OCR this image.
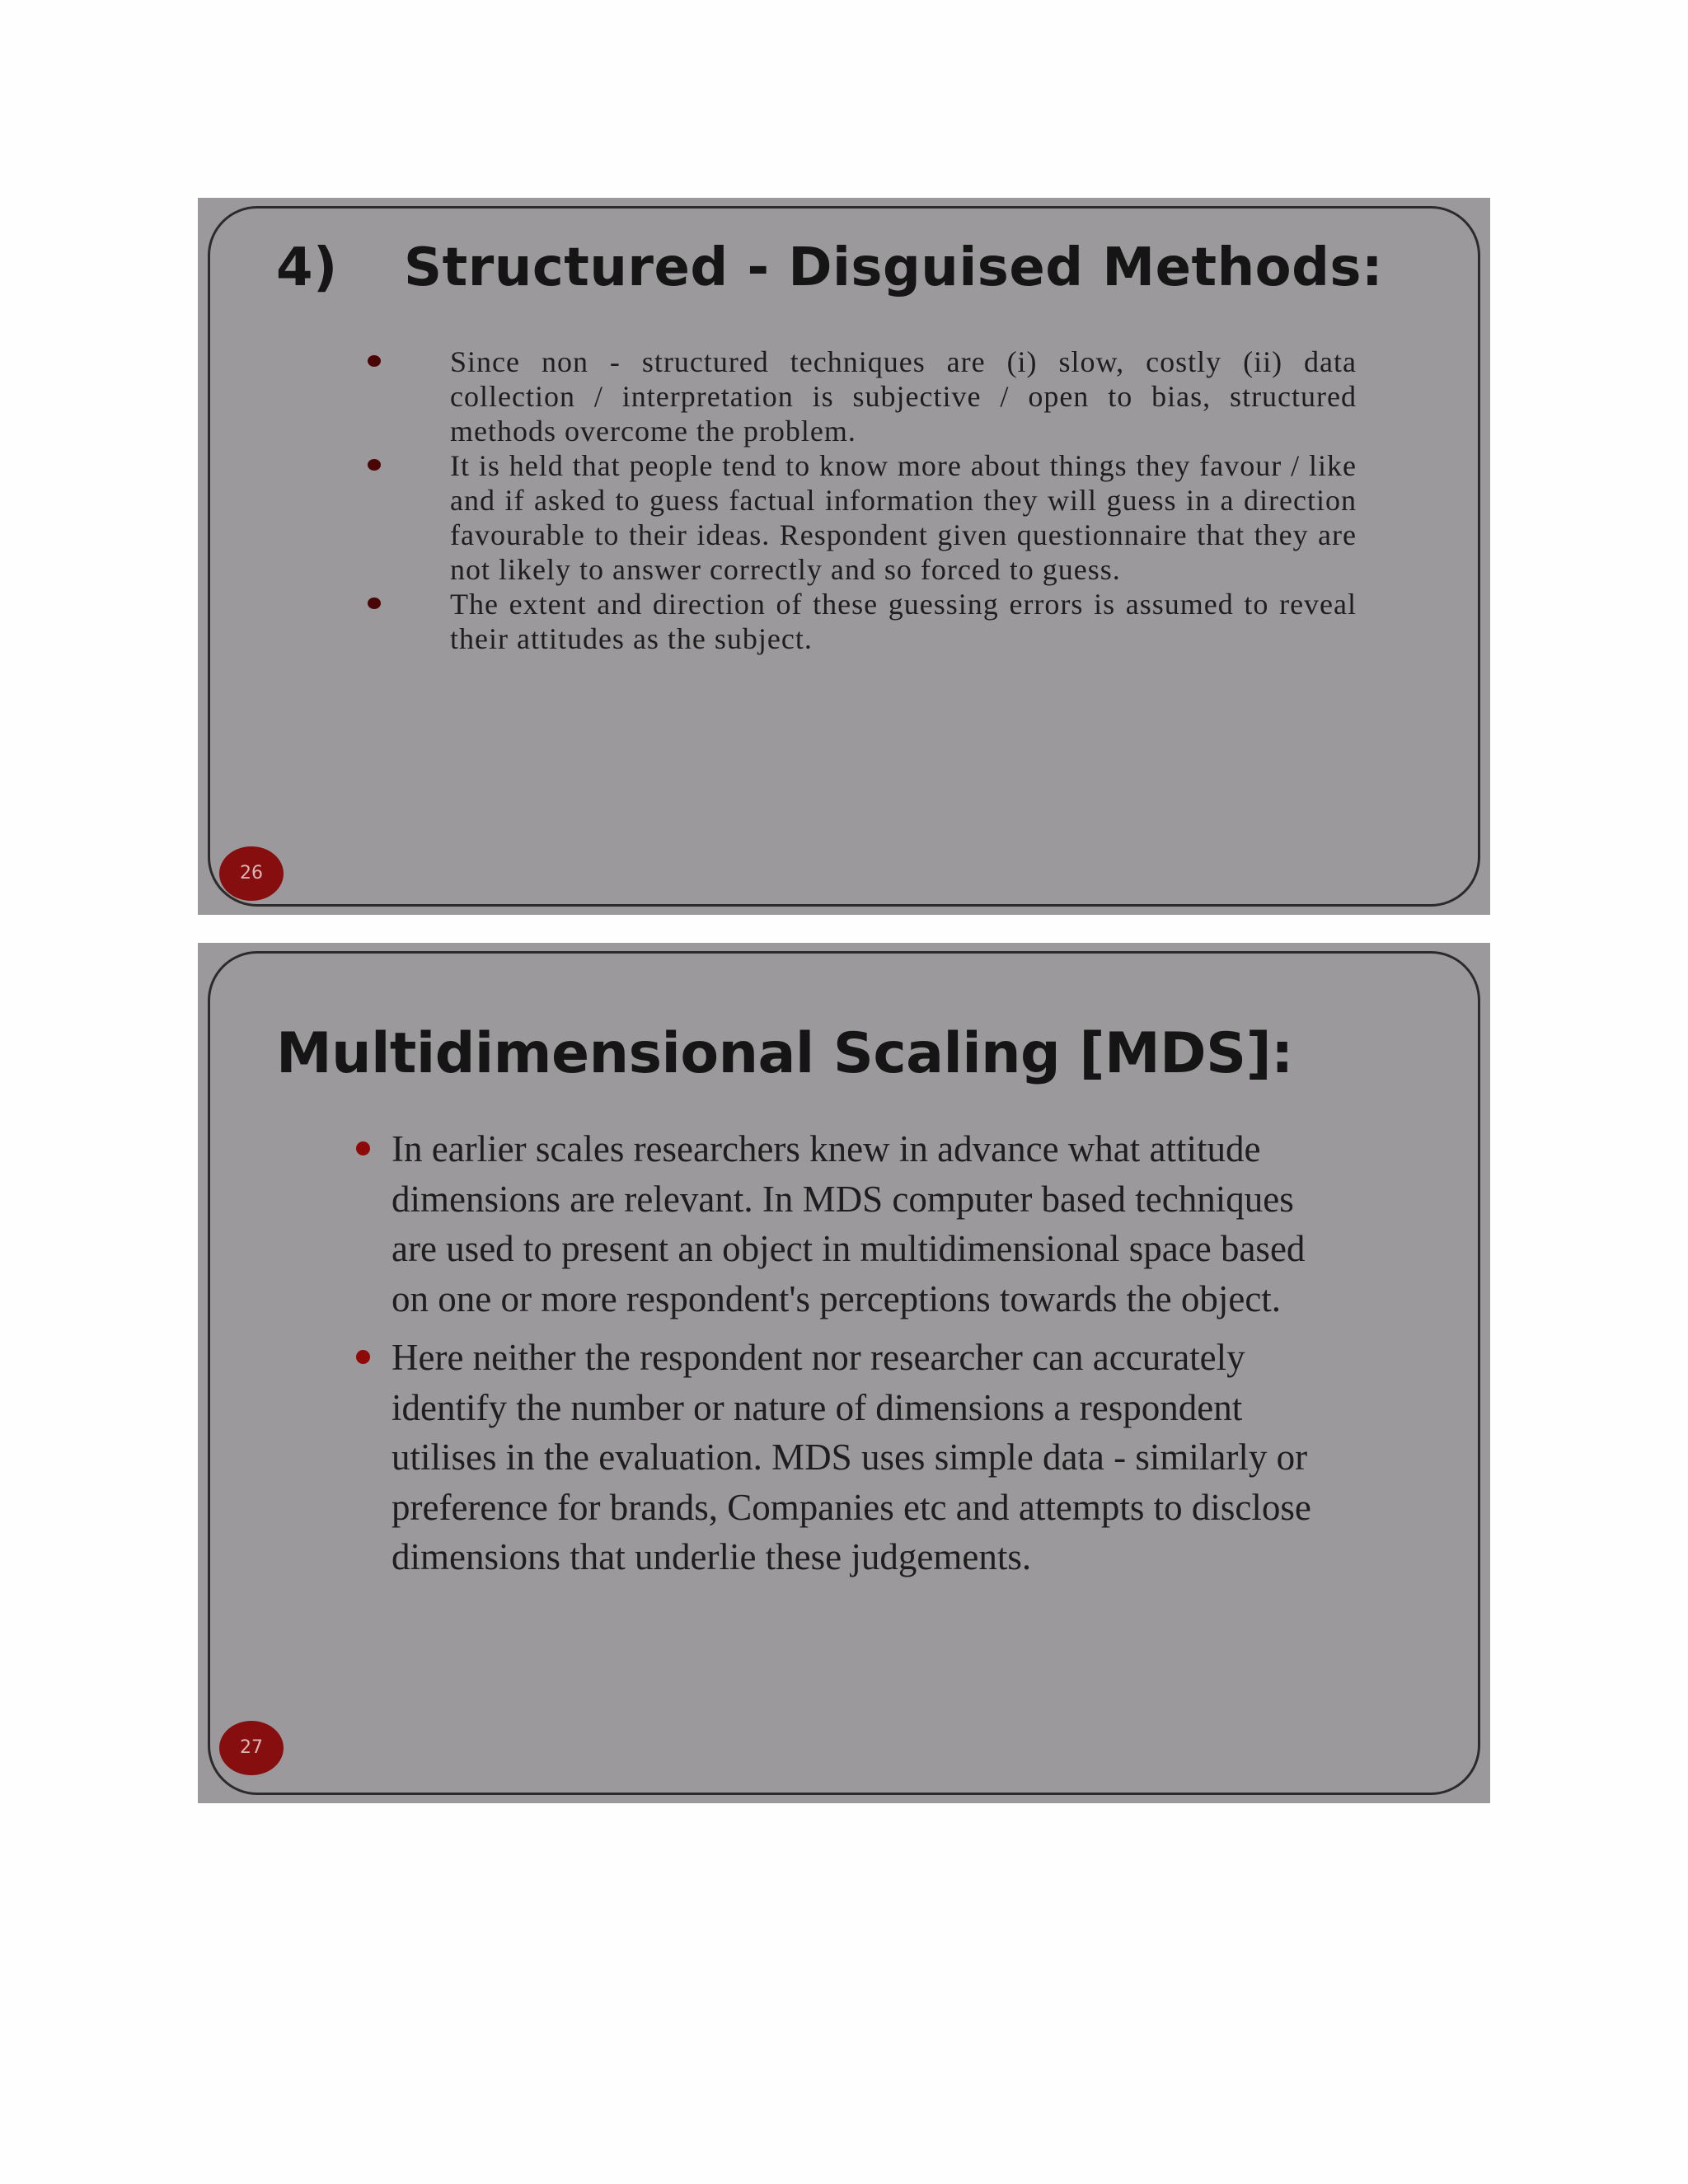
4) Structured - Disguised Methods:
Since non - structured techniques are (i) slow, costly (ii) data collection / interpretation is subjective / open to bias, structured methods overcome the problem.
It is held that people tend to know more about things they favour / like and if asked to guess factual information they will guess in a direction favourable to their ideas. Respondent given questionnaire that they are not likely to answer correctly and so forced to guess.
The extent and direction of these guessing errors is assumed to reveal their attitudes as the subject.
26
Multidimensional Scaling [MDS]:
In earlier scales researchers knew in advance what attitude dimensions are relevant. In MDS computer based techniques are used to present an object in multidimensional space based on one or more respondent's perceptions towards the object.
Here neither the respondent nor researcher can accurately identify the number or nature of dimensions a respondent utilises in the evaluation. MDS uses simple data - similarly or preference for brands, Companies etc and attempts to disclose dimensions that underlie these judgements.
27
